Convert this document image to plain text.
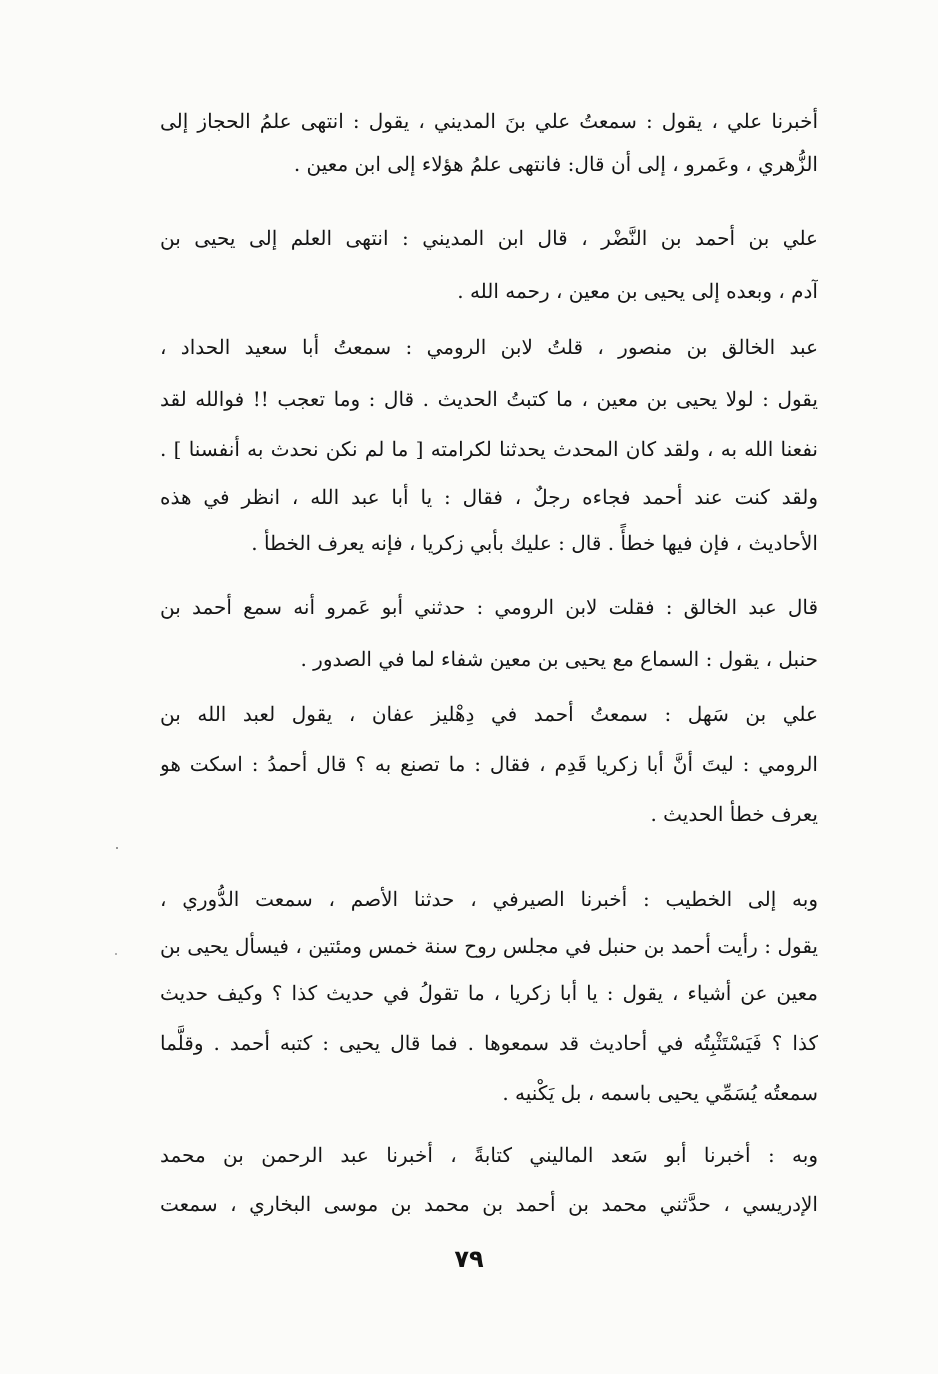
أخبرنا علي ، يقول : سمعتُ علي بنَ المديني ، يقول : انتهى علمُ الحجاز إلى
الزُّهري ، وعَمرو ، إلى أن قال: فانتهى علمُ هؤلاء إلى ابن معين .
علي بن أحمد بن النَّضْر ، قال ابن المديني : انتهى العلم إلى يحيى بن
آدم ، وبعده إلى يحيى بن معين ، رحمه الله .
عبد الخالق بن منصور ، قلتُ لابن الرومي : سمعتُ أبا سعيد الحداد ،
يقول : لولا يحيى بن معين ، ما كتبتُ الحديث . قال : وما تعجب !! فوالله لقد
نفعنا الله به ، ولقد كان المحدث يحدثنا لكرامته [ ما لم نكن نحدث به أنفسنا ] .
ولقد كنت عند أحمد فجاءه رجلٌ ، فقال : يا أبا عبد الله ، انظر في هذه
الأحاديث ، فإن فيها خطأً . قال : عليك بأبي زكريا ، فإنه يعرف الخطأ .
قال عبد الخالق : فقلت لابن الرومي : حدثني أبو عَمرو أنه سمع أحمد بن
حنبل ، يقول : السماع مع يحيى بن معين شفاء لما في الصدور .
علي بن سَهل : سمعتُ أحمد في دِهْليز عفان ، يقول لعبد الله بن
الرومي : ليتَ أنَّ أبا زكريا قَدِم ، فقال : ما تصنع به ؟ قال أحمدُ : اسكت هو
يعرف خطأ الحديث .
وبه إلى الخطيب : أخبرنا الصيرفي ، حدثنا الأصم ، سمعت الدُّوري ،
يقول : رأيت أحمد بن حنبل في مجلس روح سنة خمس ومئتين ، فيسأل يحيى بن
معين عن أشياء ، يقول : يا أبا زكريا ، ما تقولُ في حديث كذا ؟ وكيف حديث
كذا ؟ فَيَسْتَثْبِتُه في أحاديث قد سمعوها . فما قال يحيى : كتبه أحمد . وقلَّما
سمعتُه يُسَمِّي يحيى باسمه ، بل يَكْنيه .
وبه : أخبرنا أبو سَعد الماليني كتابةً ، أخبرنا عبد الرحمن بن محمد
الإدريسي ، حدَّثني محمد بن أحمد بن محمد بن موسى البخاري ، سمعت
٧٩
